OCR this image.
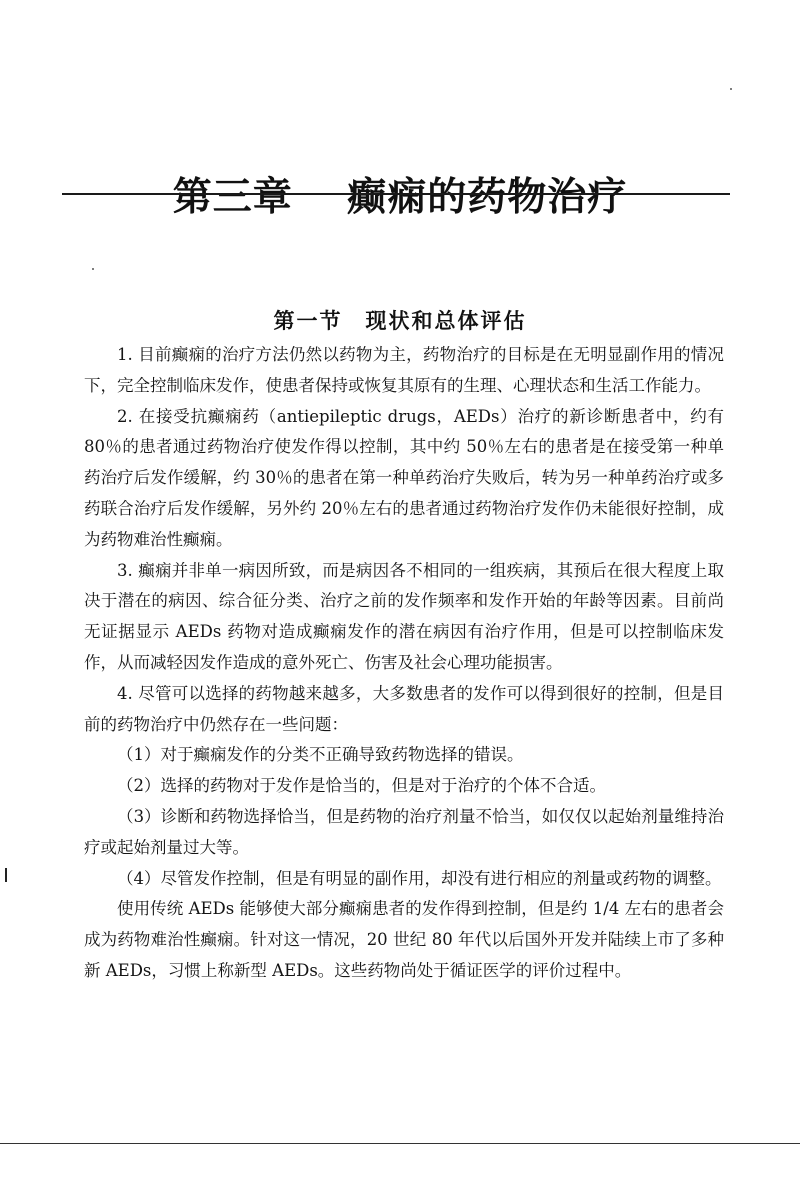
第三章　 癫痫的药物治疗
第一节　现状和总体评估

1. 目前癫痫的治疗方法仍然以药物为主，药物治疗的目标是在无明显副作用的情况下，完全控制临床发作，使患者保持或恢复其原有的生理、心理状态和生活工作能力。

2. 在接受抗癫痫药（antiepileptic drugs，AEDs）治疗的新诊断患者中，约有 80％的患者通过药物治疗使发作得以控制，其中约 50％左右的患者是在接受第一种单药治疗后发作缓解，约 30％的患者在第一种单药治疗失败后，转为另一种单药治疗或多药联合治疗后发作缓解，另外约 20％左右的患者通过药物治疗发作仍未能很好控制，成为药物难治性癫痫。

3. 癫痫并非单一病因所致，而是病因各不相同的一组疾病，其预后在很大程度上取决于潜在的病因、综合征分类、治疗之前的发作频率和发作开始的年龄等因素。目前尚无证据显示 AEDs 药物对造成癫痫发作的潜在病因有治疗作用，但是可以控制临床发作，从而减轻因发作造成的意外死亡、伤害及社会心理功能损害。

4. 尽管可以选择的药物越来越多，大多数患者的发作可以得到很好的控制，但是目前的药物治疗中仍然存在一些问题：

（1）对于癫痫发作的分类不正确导致药物选择的错误。

（2）选择的药物对于发作是恰当的，但是对于治疗的个体不合适。

（3）诊断和药物选择恰当，但是药物的治疗剂量不恰当，如仅仅以起始剂量维持治疗或起始剂量过大等。

（4）尽管发作控制，但是有明显的副作用，却没有进行相应的剂量或药物的调整。

使用传统 AEDs 能够使大部分癫痫患者的发作得到控制，但是约 1/4 左右的患者会成为药物难治性癫痫。针对这一情况，20 世纪 80 年代以后国外开发并陆续上市了多种新 AEDs，习惯上称新型 AEDs。这些药物尚处于循证医学的评价过程中。
